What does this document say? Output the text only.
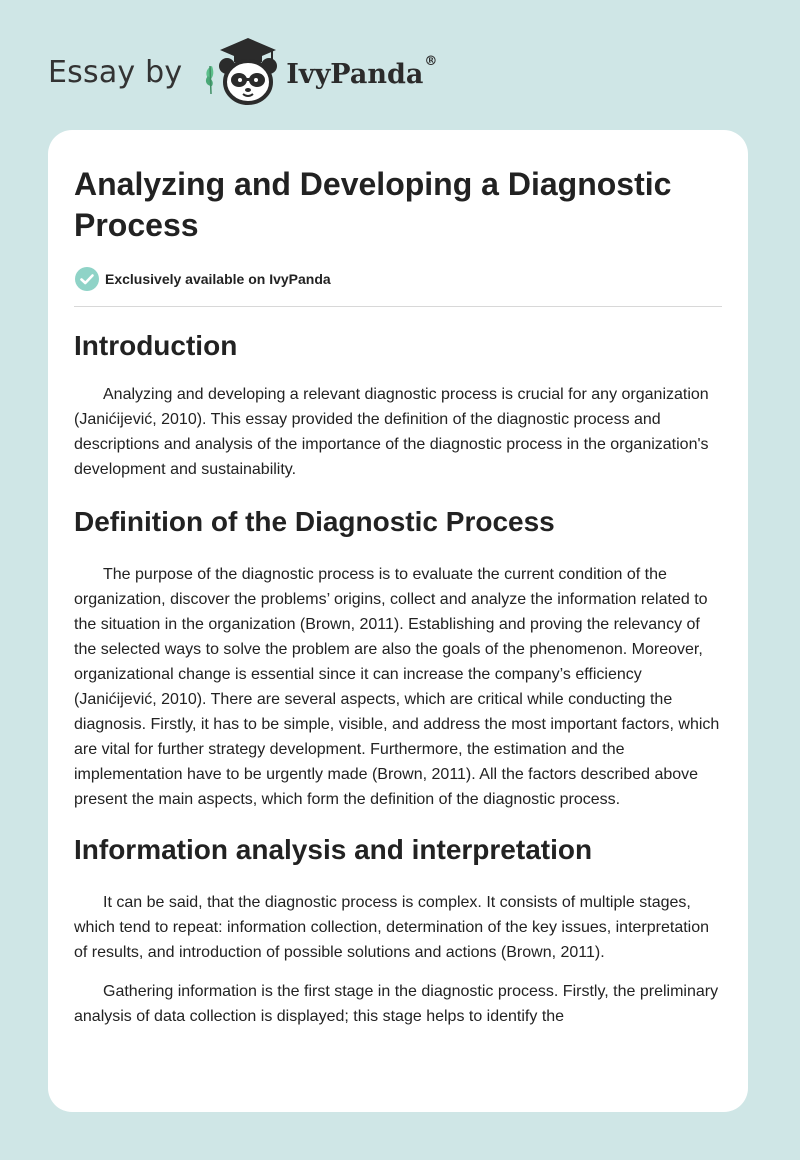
Essay by	IvyPanda®
Analyzing and Developing a Diagnostic Process
Exclusively available on IvyPanda
Introduction

Analyzing and developing a relevant diagnostic process is crucial for any organization (Janićijević, 2010). This essay provided the definition of the diagnostic process and descriptions and analysis of the importance of the diagnostic process in the organization's development and sustainability.

Definition of the Diagnostic Process

The purpose of the diagnostic process is to evaluate the current condition of the organization, discover the problems’ origins, collect and analyze the information related to the situation in the organization (Brown, 2011). Establishing and proving the relevancy of the selected ways to solve the problem are also the goals of the phenomenon. Moreover, organizational change is essential since it can increase the company’s efficiency (Janićijević, 2010). There are several aspects, which are critical while conducting the diagnosis. Firstly, it has to be simple, visible, and address the most important factors, which are vital for further strategy development. Furthermore, the estimation and the implementation have to be urgently made (Brown, 2011). All the factors described above present the main aspects, which form the definition of the diagnostic process.

Information analysis and interpretation

It can be said, that the diagnostic process is complex. It consists of multiple stages, which tend to repeat: information collection, determination of the key issues, interpretation of results, and introduction of possible solutions and actions (Brown, 2011).

Gathering information is the first stage in the diagnostic process. Firstly, the preliminary analysis of data collection is displayed; this stage helps to identify the
